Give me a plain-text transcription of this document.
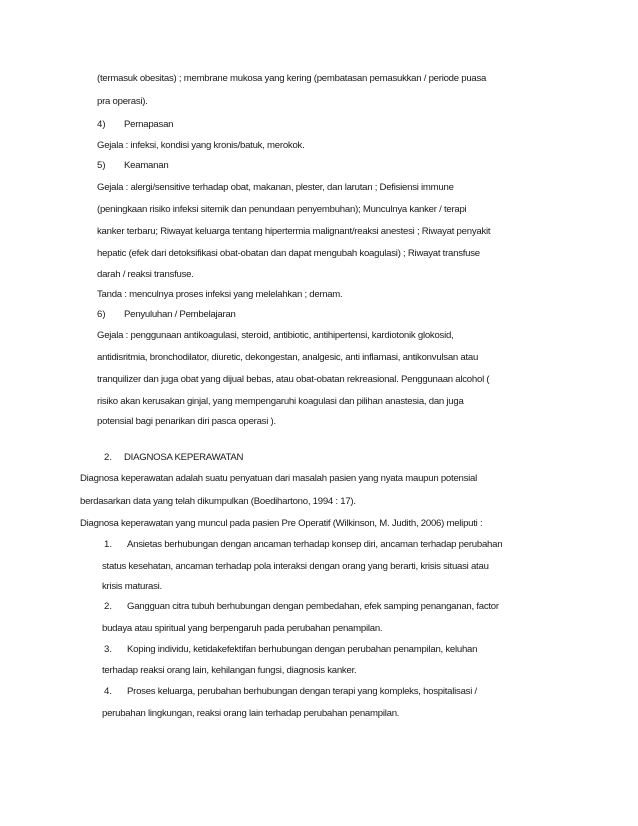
(termasuk obesitas) ; membrane mukosa yang kering (pembatasan pemasukkan / periode puasa
pra operasi).
4) Pernapasan
Gejala : infeksi, kondisi yang kronis/batuk, merokok.
5) Keamanan
Gejala : alergi/sensitive terhadap obat, makanan, plester, dan larutan ; Defisiensi immune
(peningkaan risiko infeksi sitemik dan penundaan penyembuhan); Munculnya kanker / terapi
kanker terbaru; Riwayat keluarga tentang hipertermia malignant/reaksi anestesi ; Riwayat penyakit
hepatic (efek dari detoksifikasi obat-obatan dan dapat mengubah koagulasi) ; Riwayat transfuse
darah / reaksi transfuse.
Tanda : menculnya proses infeksi yang melelahkan ; demam.
6) Penyuluhan / Pembelajaran
Gejala : penggunaan antikoagulasi, steroid, antibiotic, antihipertensi, kardiotonik glokosid,
antidisritmia, bronchodilator, diuretic, dekongestan, analgesic, anti inflamasi, antikonvulsan atau
tranquilizer dan juga obat yang dijual bebas, atau obat-obatan rekreasional. Penggunaan alcohol (
risiko akan kerusakan ginjal, yang mempengaruhi koagulasi dan pilihan anastesia, dan juga
potensial bagi penarikan diri pasca operasi ).
2. DIAGNOSA KEPERAWATAN
Diagnosa keperawatan adalah suatu penyatuan dari masalah pasien yang nyata maupun potensial
berdasarkan data yang telah dikumpulkan (Boedihartono, 1994 : 17).
Diagnosa keperawatan yang muncul pada pasien Pre Operatif (Wilkinson, M. Judith, 2006) meliputi :
1. Ansietas berhubungan dengan ancaman terhadap konsep diri, ancaman terhadap perubahan
status kesehatan, ancaman terhadap pola interaksi dengan orang yang berarti, krisis situasi atau
krisis maturasi.
2. Gangguan citra tubuh berhubungan dengan pembedahan, efek samping penanganan, factor
budaya atau spiritual yang berpengaruh pada perubahan penampilan.
3. Koping individu, ketidakefektifan berhubungan dengan perubahan penampilan, keluhan
terhadap reaksi orang lain, kehilangan fungsi, diagnosis kanker.
4. Proses keluarga, perubahan berhubungan dengan terapi yang kompleks, hospitalisasi /
perubahan lingkungan, reaksi orang lain terhadap perubahan penampilan.
